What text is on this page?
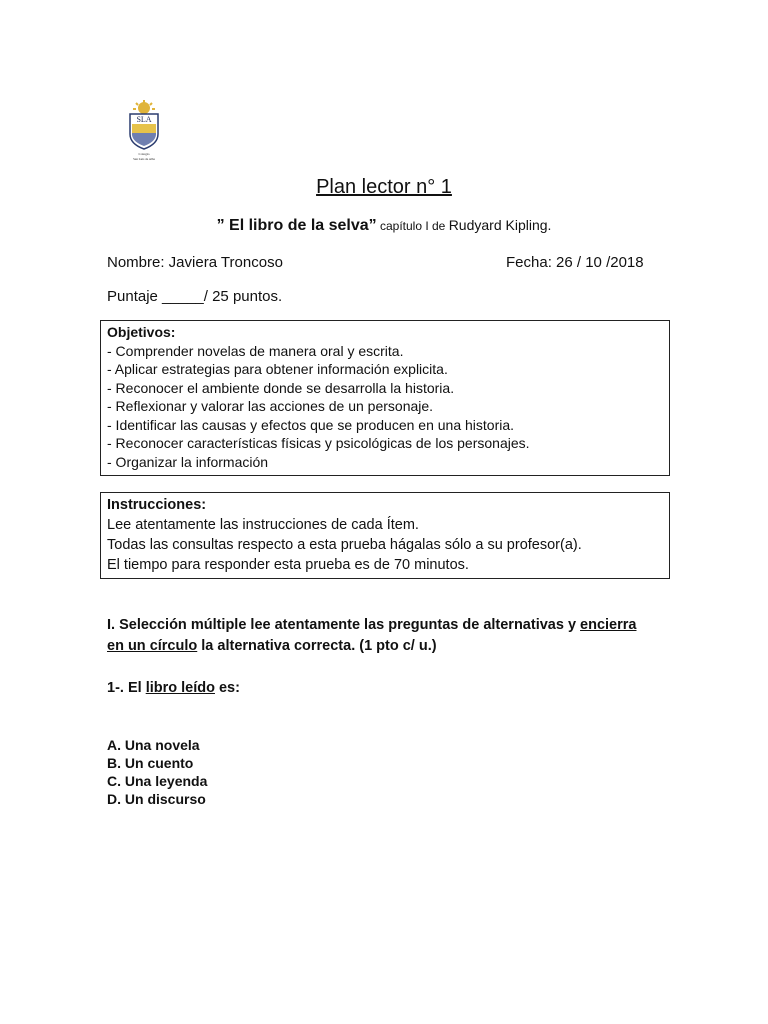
SLA
Colegio
San Luis de Alba
Plan lector n° 1
” El libro de la selva” capítulo I de Rudyard Kipling.
Nombre: Javiera Troncoso	Fecha: 26 / 10 /2018
Puntaje _____/ 25 puntos.
Objetivos:
- Comprender novelas de manera oral y escrita.
- Aplicar estrategias para obtener información explicita.
- Reconocer el ambiente donde se desarrolla la historia.
- Reflexionar y valorar las acciones de un personaje.
- Identificar las causas y efectos que se producen en una historia.
- Reconocer características físicas y psicológicas de los personajes.
- Organizar la información
Instrucciones:
Lee atentamente las instrucciones de cada Ítem.
Todas las consultas respecto a esta prueba hágalas sólo a su profesor(a).
El tiempo para responder esta prueba es de 70 minutos.
I. Selección múltiple lee atentamente las preguntas de alternativas y encierra
en un círculo la alternativa correcta. (1 pto c/ u.)
1-. El libro leído es:
A. Una novela
B. Un cuento
C. Una leyenda
D. Un discurso
